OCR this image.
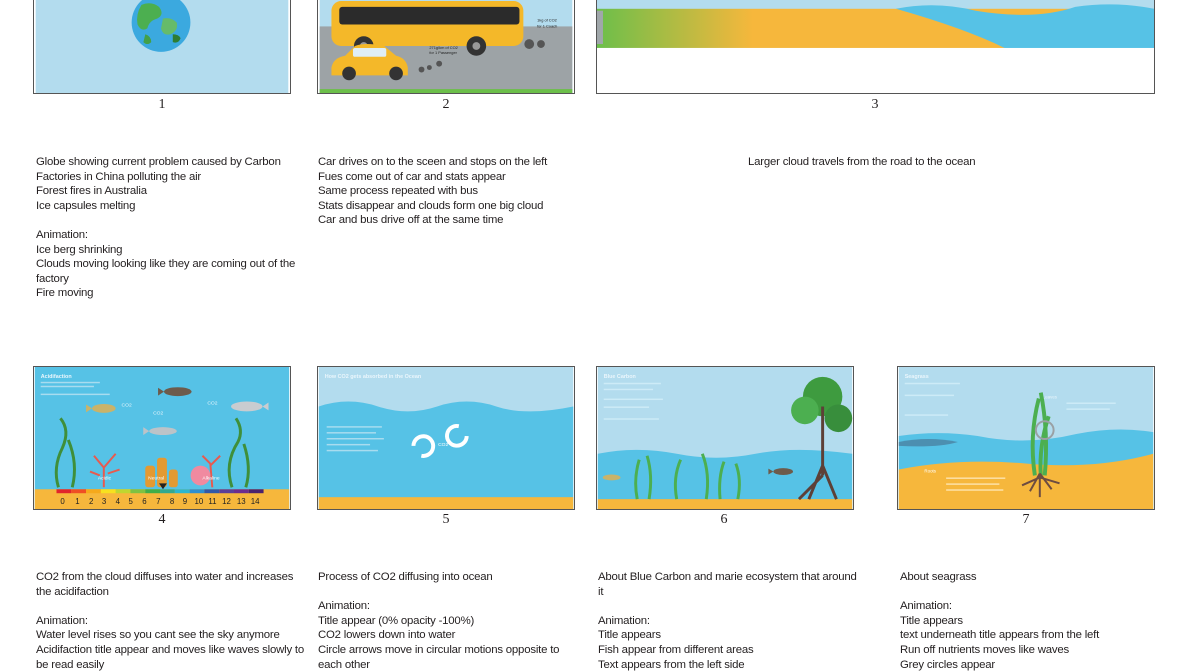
1
Globe showing current problem caused by Carbon
Factories in China polluting the air
Forest fires in Australia
Ice capsules melting

Animation:
Ice berg shrinking
Clouds moving looking like they are coming out of the
factory
Fire moving
1kg of CO2
for 1 Coach
271g/km of CO2
for 1 Passenger
2
Car drives on to the sceen and stops on the left
Fues come out of car and stats appear
Same process repeated with bus
Stats disappear and clouds form one big cloud
Car and bus drive off at the same time
3
Larger cloud travels from the road to the ocean
Acidifaction
CO2
CO2
CO2
Acidic	Neutral	Alkaline
0 1 2 3 4 5 6 7 8 9 10 11 12 13 14
4
CO2 from the cloud diffuses into water and increases
the acidifaction

Animation:
Water level rises so you cant see the sky anymore
Acidifaction title appear and moves like waves slowly to
be read easily
How CO2 gets absorbed in the Ocean
CO2
5
Process of CO2 diffusing into ocean

Animation:
Title appear (0% opacity -100%)
CO2 lowers down into water
Circle arrows move in circular motions opposite to
each other
Blue Carbon
6
About Blue Carbon and marie ecosystem that around
it

Animation:
Title appears
Fish appear from different areas
Text appears from the left side
Seagrass
Leaves
Roots
7
About seagrass

Animation:
Title appears
text underneath title appears from the left
Run off nutrients moves like waves
Grey circles appear
